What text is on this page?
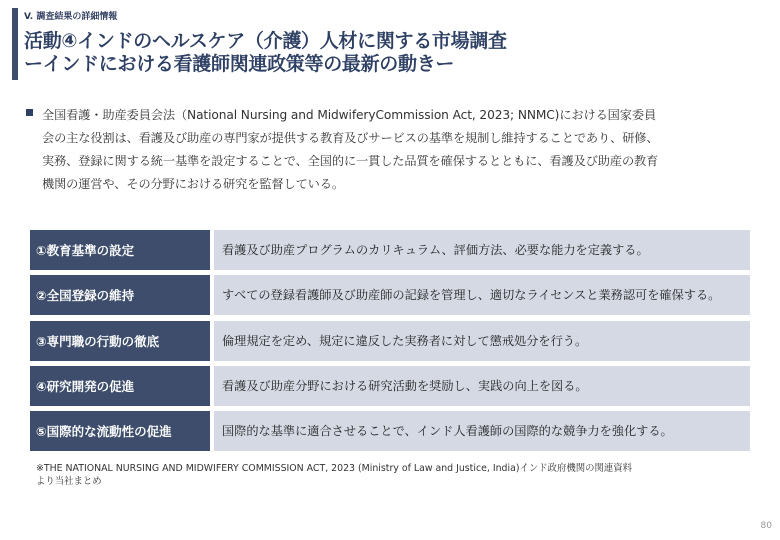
V. 調査結果の詳細情報
活動④インドのヘルスケア（介護）人材に関する市場調査
ーインドにおける看護師関連政策等の最新の動きー
全国看護・助産委員会法（National Nursing and MidwiferyCommission Act, 2023; NNMC)における国家委員
会の主な役割は、看護及び助産の専門家が提供する教育及びサービスの基準を規制し維持することであり、研修、
実務、登録に関する統一基準を設定することで、全国的に一貫した品質を確保するとともに、看護及び助産の教育
機関の運営や、その分野における研究を監督している。
①教育基準の設定	看護及び助産プログラムのカリキュラム、評価方法、必要な能力を定義する。
②全国登録の維持	すべての登録看護師及び助産師の記録を管理し、適切なライセンスと業務認可を確保する。
③専門職の行動の徹底	倫理規定を定め、規定に違反した実務者に対して懲戒処分を行う。
④研究開発の促進	看護及び助産分野における研究活動を奨励し、実践の向上を図る。
⑤国際的な流動性の促進	国際的な基準に適合させることで、インド人看護師の国際的な競争力を強化する。
※THE NATIONAL NURSING AND MIDWIFERY COMMISSION ACT, 2023 (Ministry of Law and Justice, India)インド政府機関の関連資料
より当社まとめ
80
